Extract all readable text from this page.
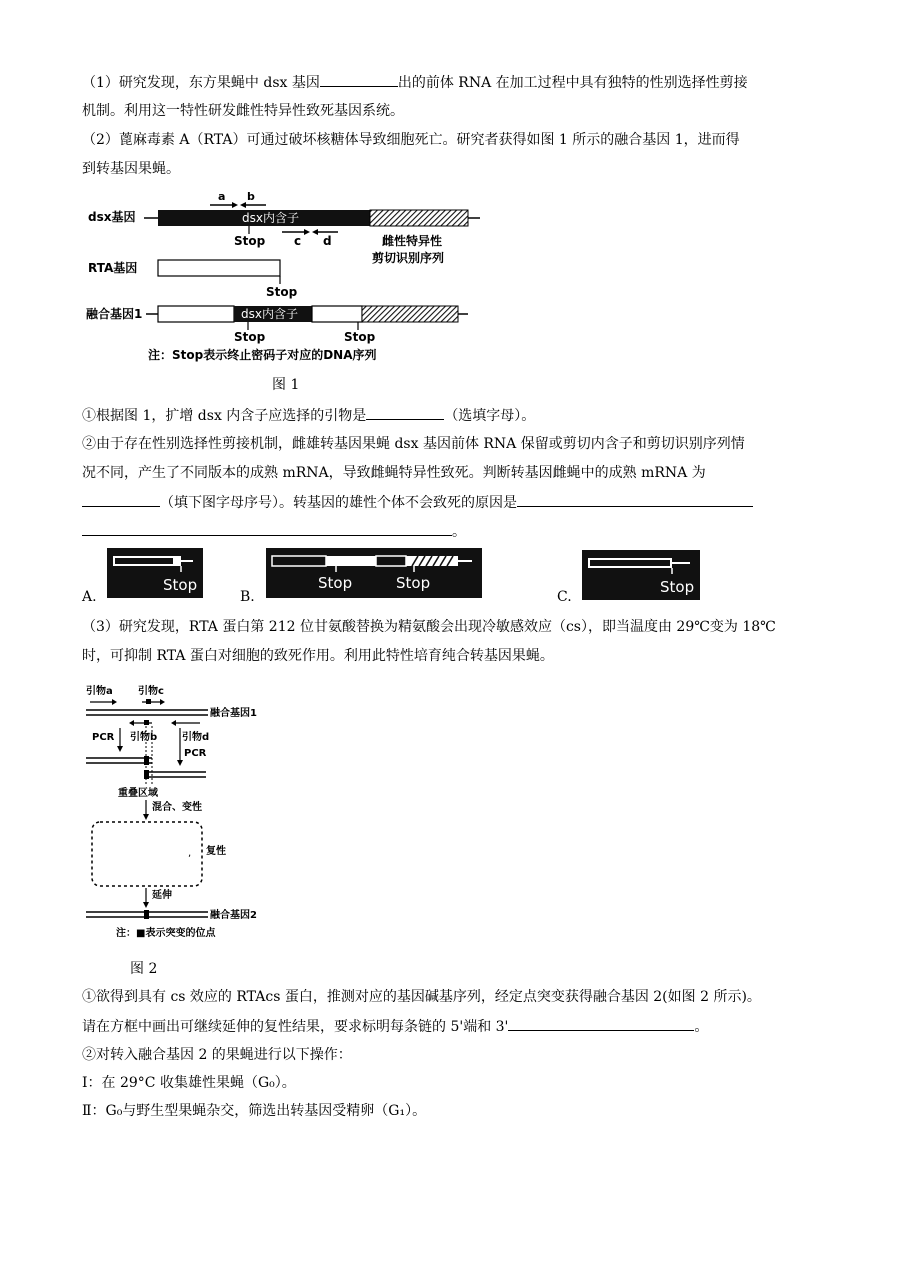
（1）研究发现，东方果蝇中 dsx 基因	出的前体 RNA 在加工过程中具有独特的性别选择性剪接
机制。利用这一特性研发雌性特异性致死基因系统。
（2）蓖麻毒素 A（RTA）可通过破坏核糖体导致细胞死亡。研究者获得如图 1 所示的融合基因 1，进而得
到转基因果蝇。
dsx基因	dsx内含子
a b
Stop c d	雌性特异性
剪切识别序列
RTA基因
Stop
融合基因1	dsx内含子
Stop	Stop
注：Stop表示终止密码子对应的DNA序列
图 1
①根据图 1，扩增 dsx 内含子应选择的引物是	（选填字母）。
②由于存在性别选择性剪接机制，雌雄转基因果蝇 dsx 基因前体 RNA 保留或剪切内含子和剪切识别序列情
况不同，产生了不同版本的成熟 mRNA，导致雌蝇特异性致死。判断转基因雌蝇中的成熟 mRNA 为
（填下图字母序号）。转基因的雄性个体不会致死的原因是
。
A.
Stop
B.
Stop	Stop
C.
Stop
（3）研究发现，RTA 蛋白第 212 位甘氨酸替换为精氨酸会出现冷敏感效应（cs），即当温度由 29℃变为 18℃
时，可抑制 RTA 蛋白对细胞的致死作用。利用此特性培育纯合转基因果蝇。
引物a	引物c
融合基因1
PCR 引物b 引物d
PCR
重叠区域
混合、变性
, 复性
延伸
融合基因2
注：■表示突变的位点
图 2
①欲得到具有 cs 效应的 RTAcs 蛋白，推测对应的基因碱基序列，经定点突变获得融合基因 2(如图 2 所示)。
请在方框中画出可继续延伸的复性结果，要求标明每条链的 5'端和 3'	。
②对转入融合基因 2 的果蝇进行以下操作：
Ⅰ：在 29°C 收集雄性果蝇（G₀）。
Ⅱ：G₀与野生型果蝇杂交，筛选出转基因受精卵（G₁）。
